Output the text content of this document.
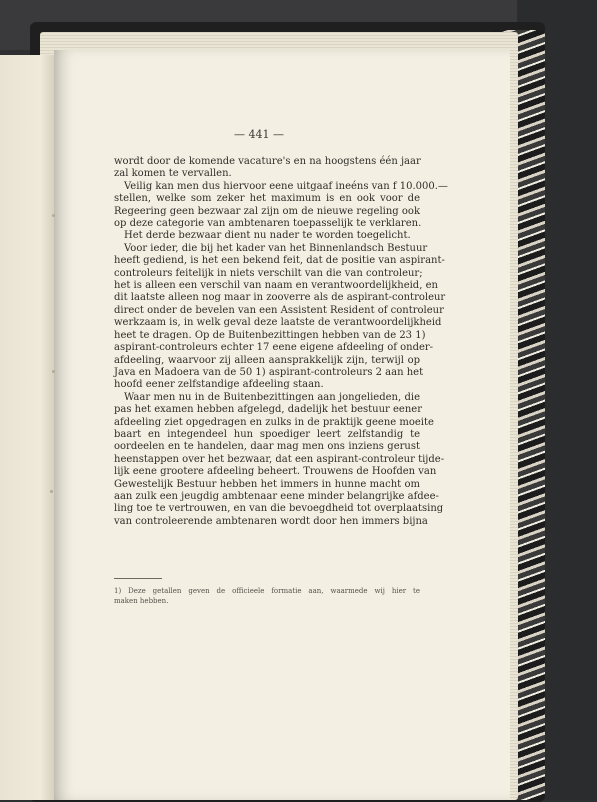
— 441 —
wordt door de komende vacature's en na hoogstens één jaar
zal komen te vervallen.
Veilig kan men dus hiervoor eene uitgaaf ineéns van f 10.000.—
stellen, welke som zeker het maximum is en ook voor de
Regeering geen bezwaar zal zijn om de nieuwe regeling ook
op deze categorie van ambtenaren toepasselijk te verklaren.
Het derde bezwaar dient nu nader te worden toegelicht.
Voor ieder, die bij het kader van het Binnenlandsch Bestuur
heeft gediend, is het een bekend feit, dat de positie van aspirant-
controleurs feitelijk in niets verschilt van die van controleur;
het is alleen een verschil van naam en verantwoordelijkheid, en
dit laatste alleen nog maar in zooverre als de aspirant-controleur
direct onder de bevelen van een Assistent Resident of controleur
werkzaam is, in welk geval deze laatste de verantwoordelijkheid
heet te dragen. Op de Buitenbezittingen hebben van de 23 1)
aspirant-controleurs echter 17 eene eigene afdeeling of onder-
afdeeling, waarvoor zij alleen aansprakkelijk zijn, terwijl op
Java en Madoera van de 50 1) aspirant-controleurs 2 aan het
hoofd eener zelfstandige afdeeling staan.
Waar men nu in de Buitenbezittingen aan jongelieden, die
pas het examen hebben afgelegd, dadelijk het bestuur eener
afdeeling ziet opgedragen en zulks in de praktijk geene moeite
baart en integendeel hun spoediger leert zelfstandig te
oordeelen en te handelen, daar mag men ons inziens gerust
heenstappen over het bezwaar, dat een aspirant-controleur tijde-
lijk eene grootere afdeeling beheert. Trouwens de Hoofden van
Gewestelijk Bestuur hebben het immers in hunne macht om
aan zulk een jeugdig ambtenaar eene minder belangrijke afdee-
ling toe te vertrouwen, en van die bevoegdheid tot overplaatsing
van controleerende ambtenaren wordt door hen immers bijna
1) Deze getallen geven de officieele formatie aan, waarmede wij hier te
maken hebben.
